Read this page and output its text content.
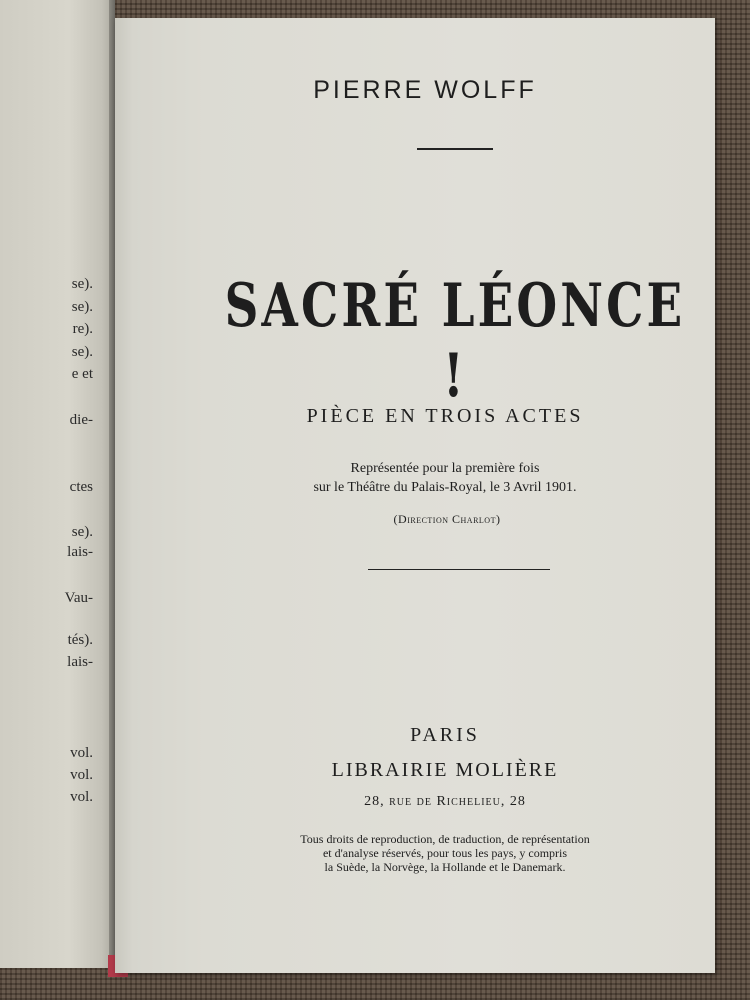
se).
se).
re).
se).
e et
die-
ctes
se).
lais-
Vau-
tés).
lais-
vol.
vol.
vol.
PIERRE WOLFF
SACRÉ LÉONCE !
PIÈCE EN TROIS ACTES
Représentée pour la première fois
sur le Théâtre du Palais-Royal, le 3 Avril 1901.
(Direction Charlot)
PARIS
LIBRAIRIE MOLIÈRE
28, rue de Richelieu, 28
Tous droits de reproduction, de traduction, de représentation
et d'analyse réservés, pour tous les pays, y compris
la Suède, la Norvège, la Hollande et le Danemark.
